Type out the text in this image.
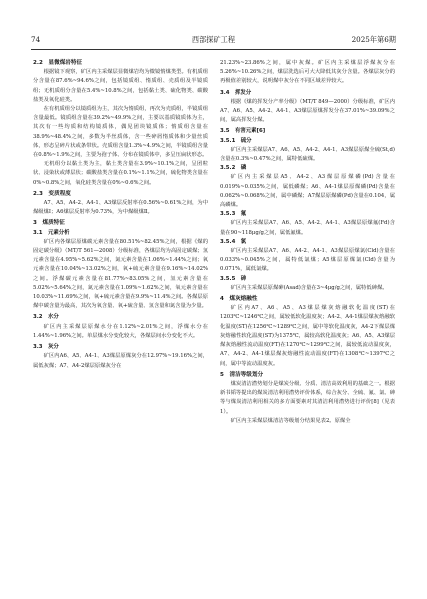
74	西部探矿工程	2025年第6期

2.2　显微煤岩特征

根据镜下观察，矿区内主采煤层显微煤岩均为微镜惰煤类型。有机质组分含量在87.6%~94.6%之间，包括镜质组、惰质组、壳质组及半镜质组；无机质组分含量在5.4%~10.8%之间，包括黏土类、硫化物类、碳酸盐类及氧化硅类。

在有机质组分以镜质组为主，其次为惰质组，再次为壳质组，半镜质组含量最低。镜质组含量在39.2%~49.9%之间，主要以基质镜质体为主，其次有一些均质和结构镜质体，偶见团块镜质体；惰质组含量在38.9%~48.4%之间，多数为半丝质体，含一些碎屑惰质体和少量丝质体，形态呈碎片状或条带状。壳质组含量1.3%~4.9%之间，半镜质组含量在0.8%~1.9%之间，主要为孢子体、分布在镜质体中，多呈压扁状形态。

无机组分以黏土类为主，黏土类含量在3.9%~10.1%之间，呈团粒状、浸染状或薄层状；碳酸盐类含量在0.1%~1.1%之间，硫化物类含量在0%~0.8%之间，氧化硅类含量在0%~0.6%之间。

2.3　变质程度

A7、A5、A4-2、A4-1、A3煤层反射率在0.56%~0.61%之间，为中煤级煤Ⅰ；A6煤层反射率为0.73%，为中煤级煤Ⅱ。

3　煤质特征

3.1　元素分析

矿区内各煤层原煤碳元素含量在80.51%~82.45%之间，根据《煤的固定碳分级》（MT/T 561—2008）分级标准，各煤层均为高固定碳煤；氢元素含量在4.95%~5.62%之间，氮元素含量在1.06%~1.44%之间；氧元素含量在10.04%~13.02%之间，氧+硫元素含量在9.16%~14.02%之间。浮煤碳元素含量在81.77%~83.05%之间，氢元素含量在5.02%~5.64%之间，氮元素含量在1.09%~1.62%之间，氧元素含量在10.03%~11.69%之间，氧+硫元素含量在9.9%~11.4%之间。各煤层原煤中碳含量为最高，其次为氧含量、氧+硫含量、氢含量和氮含量为少量。

3.2　水分

矿区内主采煤层原煤水分在1.12%~2.01%之间，浮煤水分在1.44%~1.96%之间。单层煤水分变化较大，各煤层间水分变化不大。

3.3　灰分

矿区内A6、A5、A4-1、A3煤层原煤灰分在12.97%~19.16%之间，属低灰煤；A7、A4-2煤层原煤灰分在

21.23%~23.86%之间，属中灰煤。矿区内主采煤层浮煤灰分在5.26%~10.26%之间，煤层洗选后可大大降低其灰分含量。各煤层灰分的再极值差别较大，说明煤中灰分在不同区域差异较大。

3.4　挥发分

根据《煤的挥发分产率分级》（MT/T 849—2000）分级标准，矿区内A7、A6、A5、A4-2、A4-1、A3煤层原煤挥发分在37.01%~39.09%之间，属高挥发分煤。

3.5　有害元素[6]

3.5.1　硫分

矿区内主采煤层A7、A6、A5、A4-2、A4-1、A3煤层原煤全硫(St,d)含量在0.3%~0.47%之间，属特低硫煤。

3.5.2　磷

矿区内主采煤层A5、A4-2、A3煤层原煤磷(Pd)含量在0.019%~0.035%之间，属低磷煤；A6、A4-1煤层原煤磷(Pd)含量在0.062%~0.068%之间，属中磷煤；A7煤层原煤磷(Pd)含量在0.104，属高磷煤。

3.5.3　氟

矿区内主采煤层A7、A6、A5、A4-2、A4-1、A3煤层原煤氟(Fd)含量在90~118μg/g之间，属低氟煤。

3.5.4　氯

矿区内主采煤层A7、A6、A4-2、A4-1、A3煤层原煤氯(Cld)含量在0.033%~0.045%之间，属特低氯煤；A5煤层原煤氯(Cld)含量为0.071%，属低氯煤。

3.5.5　砷

矿区内主采煤层原煤砷(Asad)含量在3~4μg/g之间，属特低砷煤。

4　煤灰熔融性

矿区内A7、A6、A5、A3煤层煤灰熔融软化温度(ST)在1203℃~1246℃之间，属较低软化温度灰；A4-2、A4-1煤层煤灰熔融软化温度(ST)在1256℃~1289℃之间，属中等软化温度灰，A4-2下煤层煤灰熔融性软化温度(ST)为1375℃，属较高软化温度灰；A6、A5、A3煤层煤灰熔融性流动温度(FT)在1270℃~1299℃之间，属较低流动温度灰，A7、A4-2、A4-1煤层煤灰熔融性流动温度(FT)在1308℃~1397℃之间，属中等流动温度灰。

5　清洁等级划分

煤炭清洁潜势划分是煤炭分级、分质、清洁高效利用的基础之一。根据新书韬等提出的煤炭清洁利用潜势评价体系，综合灰分、全硫、氟、氯、砷等与煤炭清洁利用相关的多方面要素对其清洁利用潜势进行评价[8]（见表1）。

矿区内主采煤层煤清洁等级划分结果见表2。原煤全
